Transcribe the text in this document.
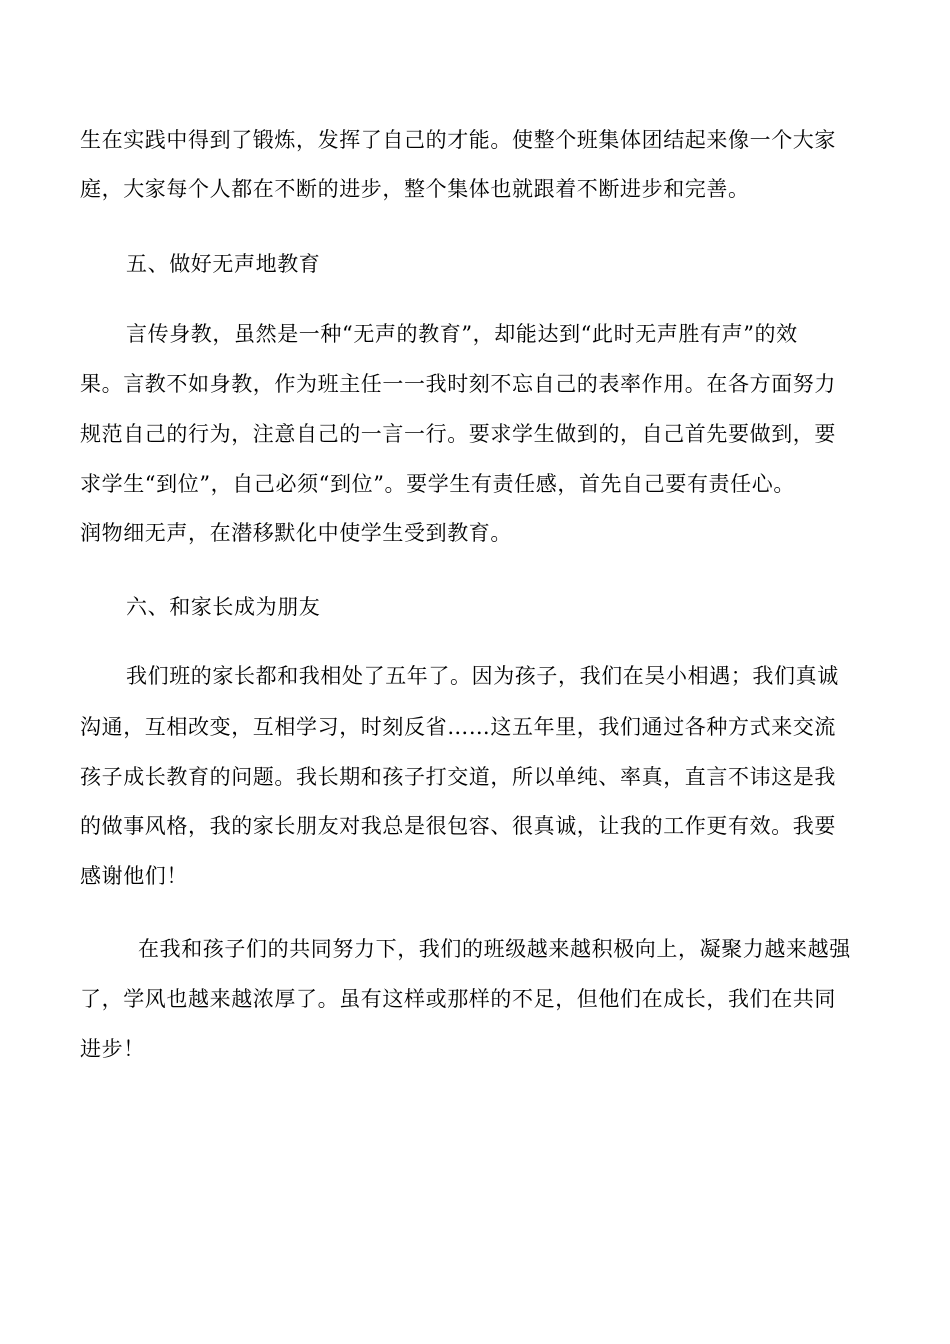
生在实践中得到了锻炼，发挥了自己的才能。使整个班集体团结起来像一个大家
庭，大家每个人都在不断的进步，整个集体也就跟着不断进步和完善。
五、做好无声地教育
言传身教，虽然是一种“无声的教育”，却能达到“此时无声胜有声”的效
果。言教不如身教，作为班主任一一我时刻不忘自己的表率作用。在各方面努力
规范自己的行为，注意自己的一言一行。要求学生做到的，自己首先要做到，要
求学生“到位”，自己必须“到位”。要学生有责任感，首先自己要有责任心。
润物细无声，在潜移默化中使学生受到教育。
六、和家长成为朋友
我们班的家长都和我相处了五年了。因为孩子，我们在吴小相遇；我们真诚
沟通，互相改变，互相学习，时刻反省……这五年里，我们通过各种方式来交流
孩子成长教育的问题。我长期和孩子打交道，所以单纯、率真，直言不讳这是我
的做事风格，我的家长朋友对我总是很包容、很真诚，让我的工作更有效。我要
感谢他们！
在我和孩子们的共同努力下，我们的班级越来越积极向上，凝聚力越来越强
了，学风也越来越浓厚了。虽有这样或那样的不足，但他们在成长，我们在共同
进步！
